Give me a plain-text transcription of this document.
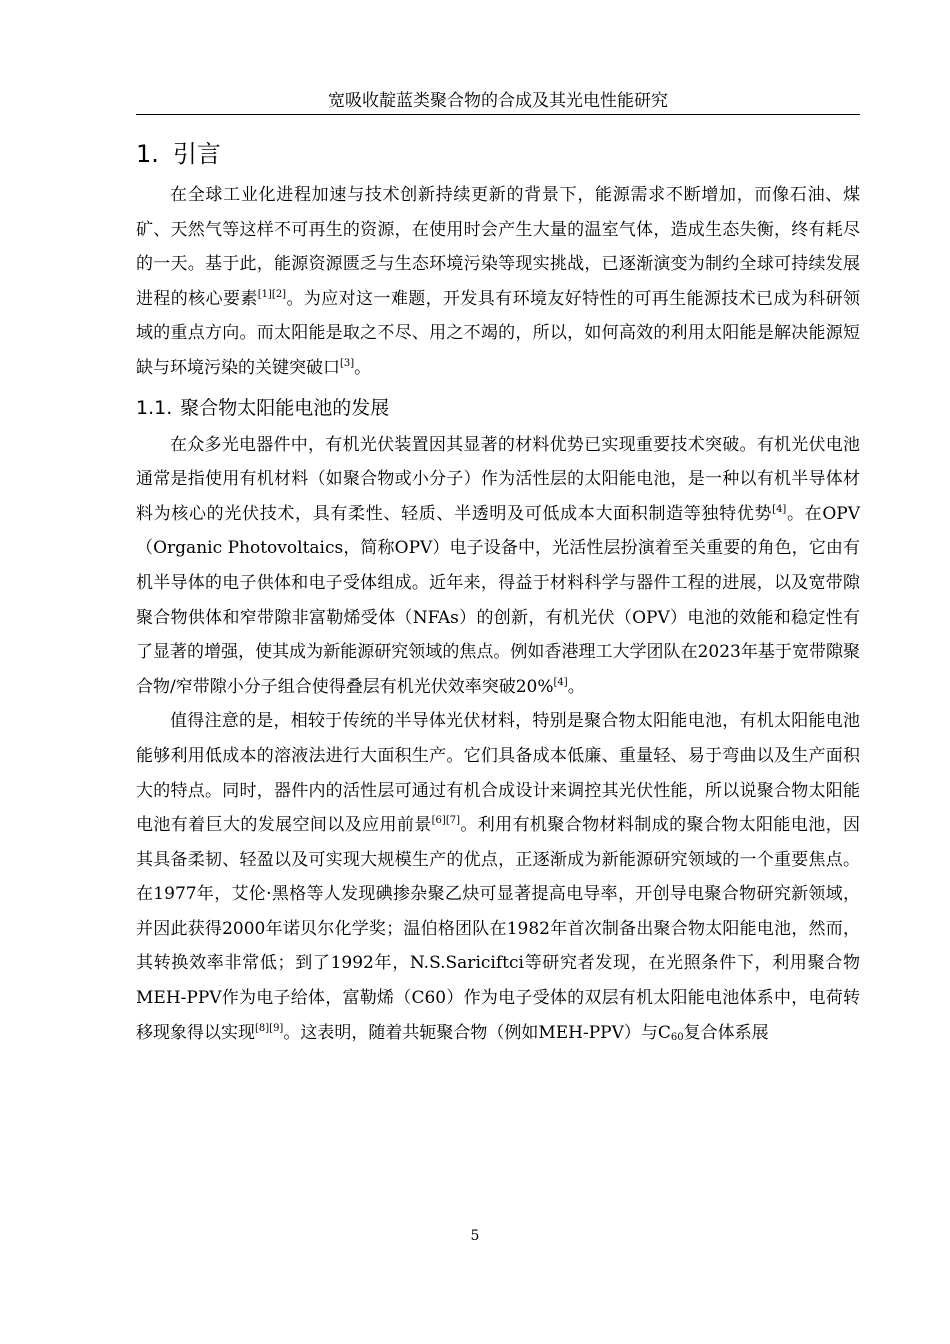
宽吸收靛蓝类聚合物的合成及其光电性能研究
1. 引言

在全球工业化进程加速与技术创新持续更新的背景下，能源需求不断增加，而像石油、煤矿、天然气等这样不可再生的资源，在使用时会产生大量的温室气体，造成生态失衡，终有耗尽的一天。基于此，能源资源匮乏与生态环境污染等现实挑战，已逐渐演变为制约全球可持续发展进程的核心要素[1][2]。为应对这一难题，开发具有环境友好特性的可再生能源技术已成为科研领域的重点方向。而太阳能是取之不尽、用之不竭的，所以，如何高效的利用太阳能是解决能源短缺与环境污染的关键突破口[3]。

1.1. 聚合物太阳能电池的发展

在众多光电器件中，有机光伏装置因其显著的材料优势已实现重要技术突破。有机光伏电池通常是指使用有机材料（如聚合物或小分子）作为活性层的太阳能电池，是一种以有机半导体材料为核心的光伏技术，具有柔性、轻质、半透明及可低成本大面积制造等独特优势[4]。在OPV（Organic Photovoltaics，简称OPV）电子设备中，光活性层扮演着至关重要的角色，它由有机半导体的电子供体和电子受体组成。近年来，得益于材料科学与器件工程的进展，以及宽带隙聚合物供体和窄带隙非富勒烯受体（NFAs）的创新，有机光伏（OPV）电池的效能和稳定性有了显著的增强，使其成为新能源研究领域的焦点。例如香港理工大学团队在2023年基于宽带隙聚合物/窄带隙小分子组合使得叠层有机光伏效率突破20%[4]。

值得注意的是，相较于传统的半导体光伏材料，特别是聚合物太阳能电池，有机太阳能电池能够利用低成本的溶液法进行大面积生产。它们具备成本低廉、重量轻、易于弯曲以及生产面积大的特点。同时，器件内的活性层可通过有机合成设计来调控其光伏性能，所以说聚合物太阳能电池有着巨大的发展空间以及应用前景[6][7]。利用有机聚合物材料制成的聚合物太阳能电池，因其具备柔韧、轻盈以及可实现大规模生产的优点，正逐渐成为新能源研究领域的一个重要焦点。在1977年，艾伦·黑格等人发现碘掺杂聚乙炔可显著提高电导率，开创导电聚合物研究新领域，并因此获得2000年诺贝尔化学奖；温伯格团队在1982年首次制备出聚合物太阳能电池，然而，其转换效率非常低；到了1992年，N.S.Sariciftci等研究者发现，在光照条件下，利用聚合物MEH-PPV作为电子给体，富勒烯（C60）作为电子受体的双层有机太阳能电池体系中，电荷转移现象得以实现[8][9]。这表明，随着共轭聚合物（例如MEH-PPV）与$C_{60}$复合体系展

5
